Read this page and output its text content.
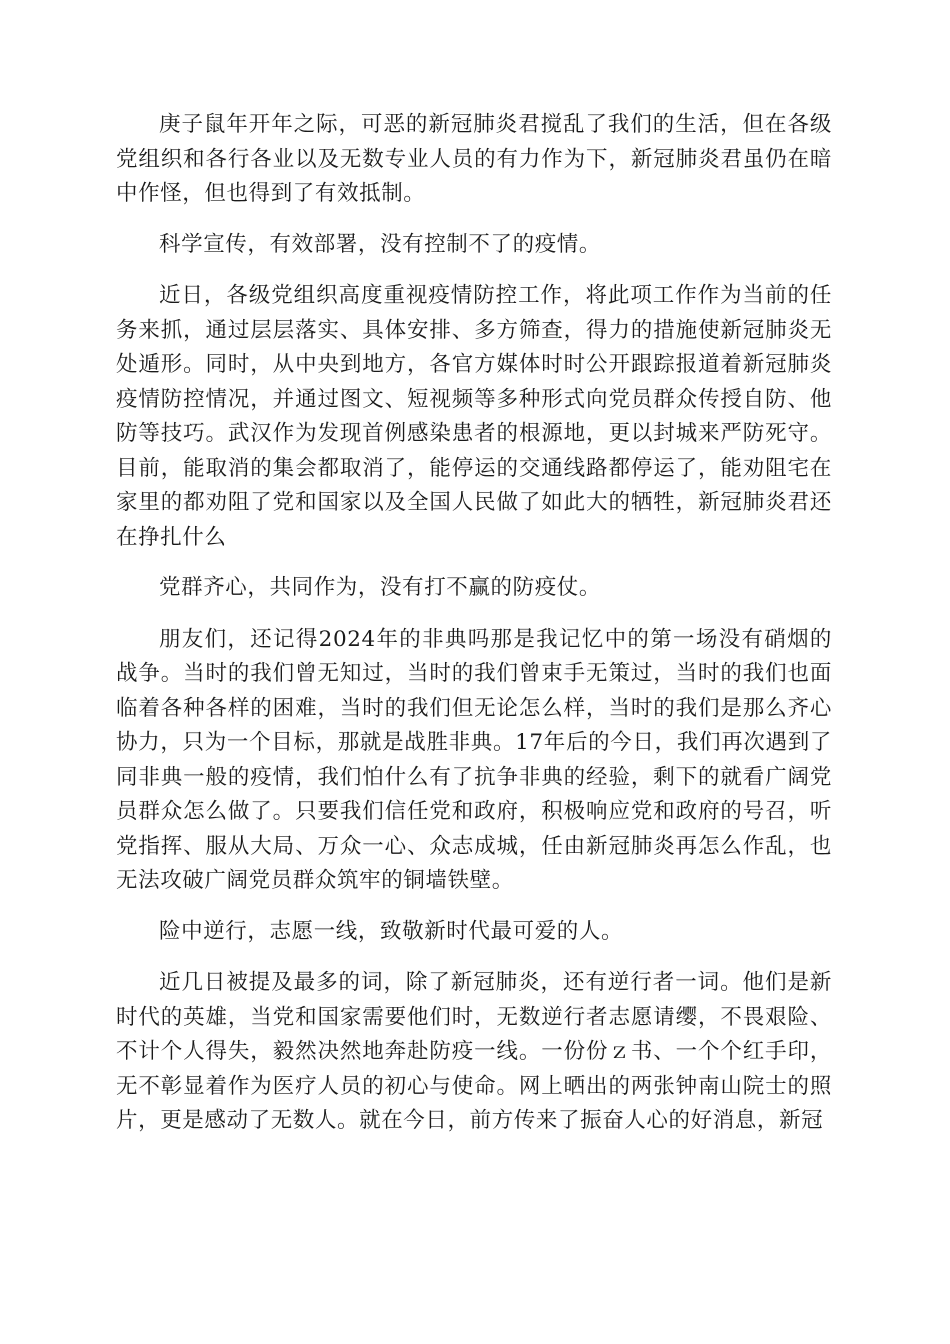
庚子鼠年开年之际，可恶的新冠肺炎君搅乱了我们的生活，但在各级党组织和各行各业以及无数专业人员的有力作为下，新冠肺炎君虽仍在暗中作怪，但也得到了有效抵制。

科学宣传，有效部署，没有控制不了的疫情。

近日，各级党组织高度重视疫情防控工作，将此项工作作为当前的任务来抓，通过层层落实、具体安排、多方筛查，得力的措施使新冠肺炎无处遁形。同时，从中央到地方，各官方媒体时时公开跟踪报道着新冠肺炎疫情防控情况，并通过图文、短视频等多种形式向党员群众传授自防、他防等技巧。武汉作为发现首例感染患者的根源地，更以封城来严防死守。目前，能取消的集会都取消了，能停运的交通线路都停运了，能劝阻宅在家里的都劝阻了党和国家以及全国人民做了如此大的牺牲，新冠肺炎君还在挣扎什么

党群齐心，共同作为，没有打不赢的防疫仗。

朋友们，还记得2024年的非典吗那是我记忆中的第一场没有硝烟的战争。当时的我们曾无知过，当时的我们曾束手无策过，当时的我们也面临着各种各样的困难，当时的我们但无论怎么样，当时的我们是那么齐心协力，只为一个目标，那就是战胜非典。17年后的今日，我们再次遇到了同非典一般的疫情，我们怕什么有了抗争非典的经验，剩下的就看广阔党员群众怎么做了。只要我们信任党和政府，积极响应党和政府的号召，听党指挥、服从大局、万众一心、众志成城，任由新冠肺炎再怎么作乱，也无法攻破广阔党员群众筑牢的铜墙铁壁。

险中逆行，志愿一线，致敬新时代最可爱的人。

近几日被提及最多的词，除了新冠肺炎，还有逆行者一词。他们是新时代的英雄，当党和国家需要他们时，无数逆行者志愿请缨，不畏艰险、不计个人得失，毅然决然地奔赴防疫一线。一份份ｚ书、一个个红手印，无不彰显着作为医疗人员的初心与使命。网上晒出的两张钟南山院士的照片，更是感动了无数人。就在今日，前方传来了振奋人心的好消息，新冠
